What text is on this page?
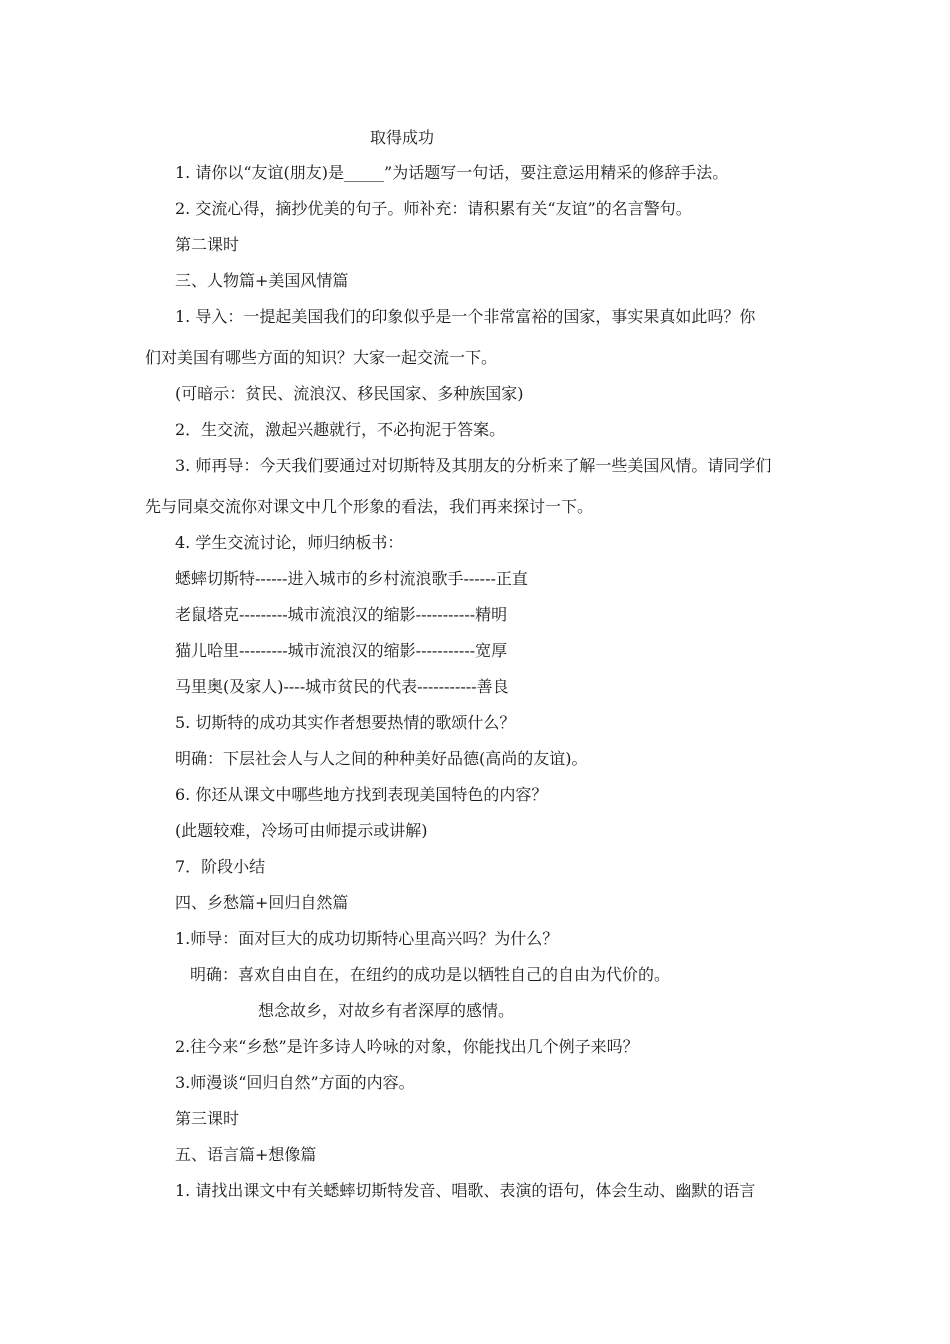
取得成功
1. 请你以“友谊(朋友)是_____”为话题写一句话，要注意运用精采的修辞手法。
2. 交流心得，摘抄优美的句子。师补充：请积累有关“友谊”的名言警句。
第二课时
三、人物篇+美国风情篇
1. 导入：一提起美国我们的印象似乎是一个非常富裕的国家，事实果真如此吗？你
们对美国有哪些方面的知识？大家一起交流一下。
(可暗示：贫民、流浪汉、移民国家、多种族国家)
2．生交流，激起兴趣就行，不必拘泥于答案。
3. 师再导：今天我们要通过对切斯特及其朋友的分析来了解一些美国风情。请同学们
先与同桌交流你对课文中几个形象的看法，我们再来探讨一下。
4. 学生交流讨论，师归纳板书：
蟋蟀切斯特------进入城市的乡村流浪歌手------正直
老鼠塔克---------城市流浪汉的缩影-----------精明
猫儿哈里---------城市流浪汉的缩影-----------宽厚
马里奥(及家人)----城市贫民的代表-----------善良
5. 切斯特的成功其实作者想要热情的歌颂什么？
明确：下层社会人与人之间的种种美好品德(高尚的友谊)。
6. 你还从课文中哪些地方找到表现美国特色的内容？
(此题较难，冷场可由师提示或讲解)
7．阶段小结
四、乡愁篇+回归自然篇
1.师导：面对巨大的成功切斯特心里高兴吗？为什么？
明确：喜欢自由自在，在纽约的成功是以牺牲自己的自由为代价的。
想念故乡，对故乡有者深厚的感情。
2.往今来“乡愁”是许多诗人吟咏的对象，你能找出几个例子来吗？
3.师漫谈“回归自然”方面的内容。
第三课时
五、语言篇+想像篇
1. 请找出课文中有关蟋蟀切斯特发音、唱歌、表演的语句，体会生动、幽默的语言
